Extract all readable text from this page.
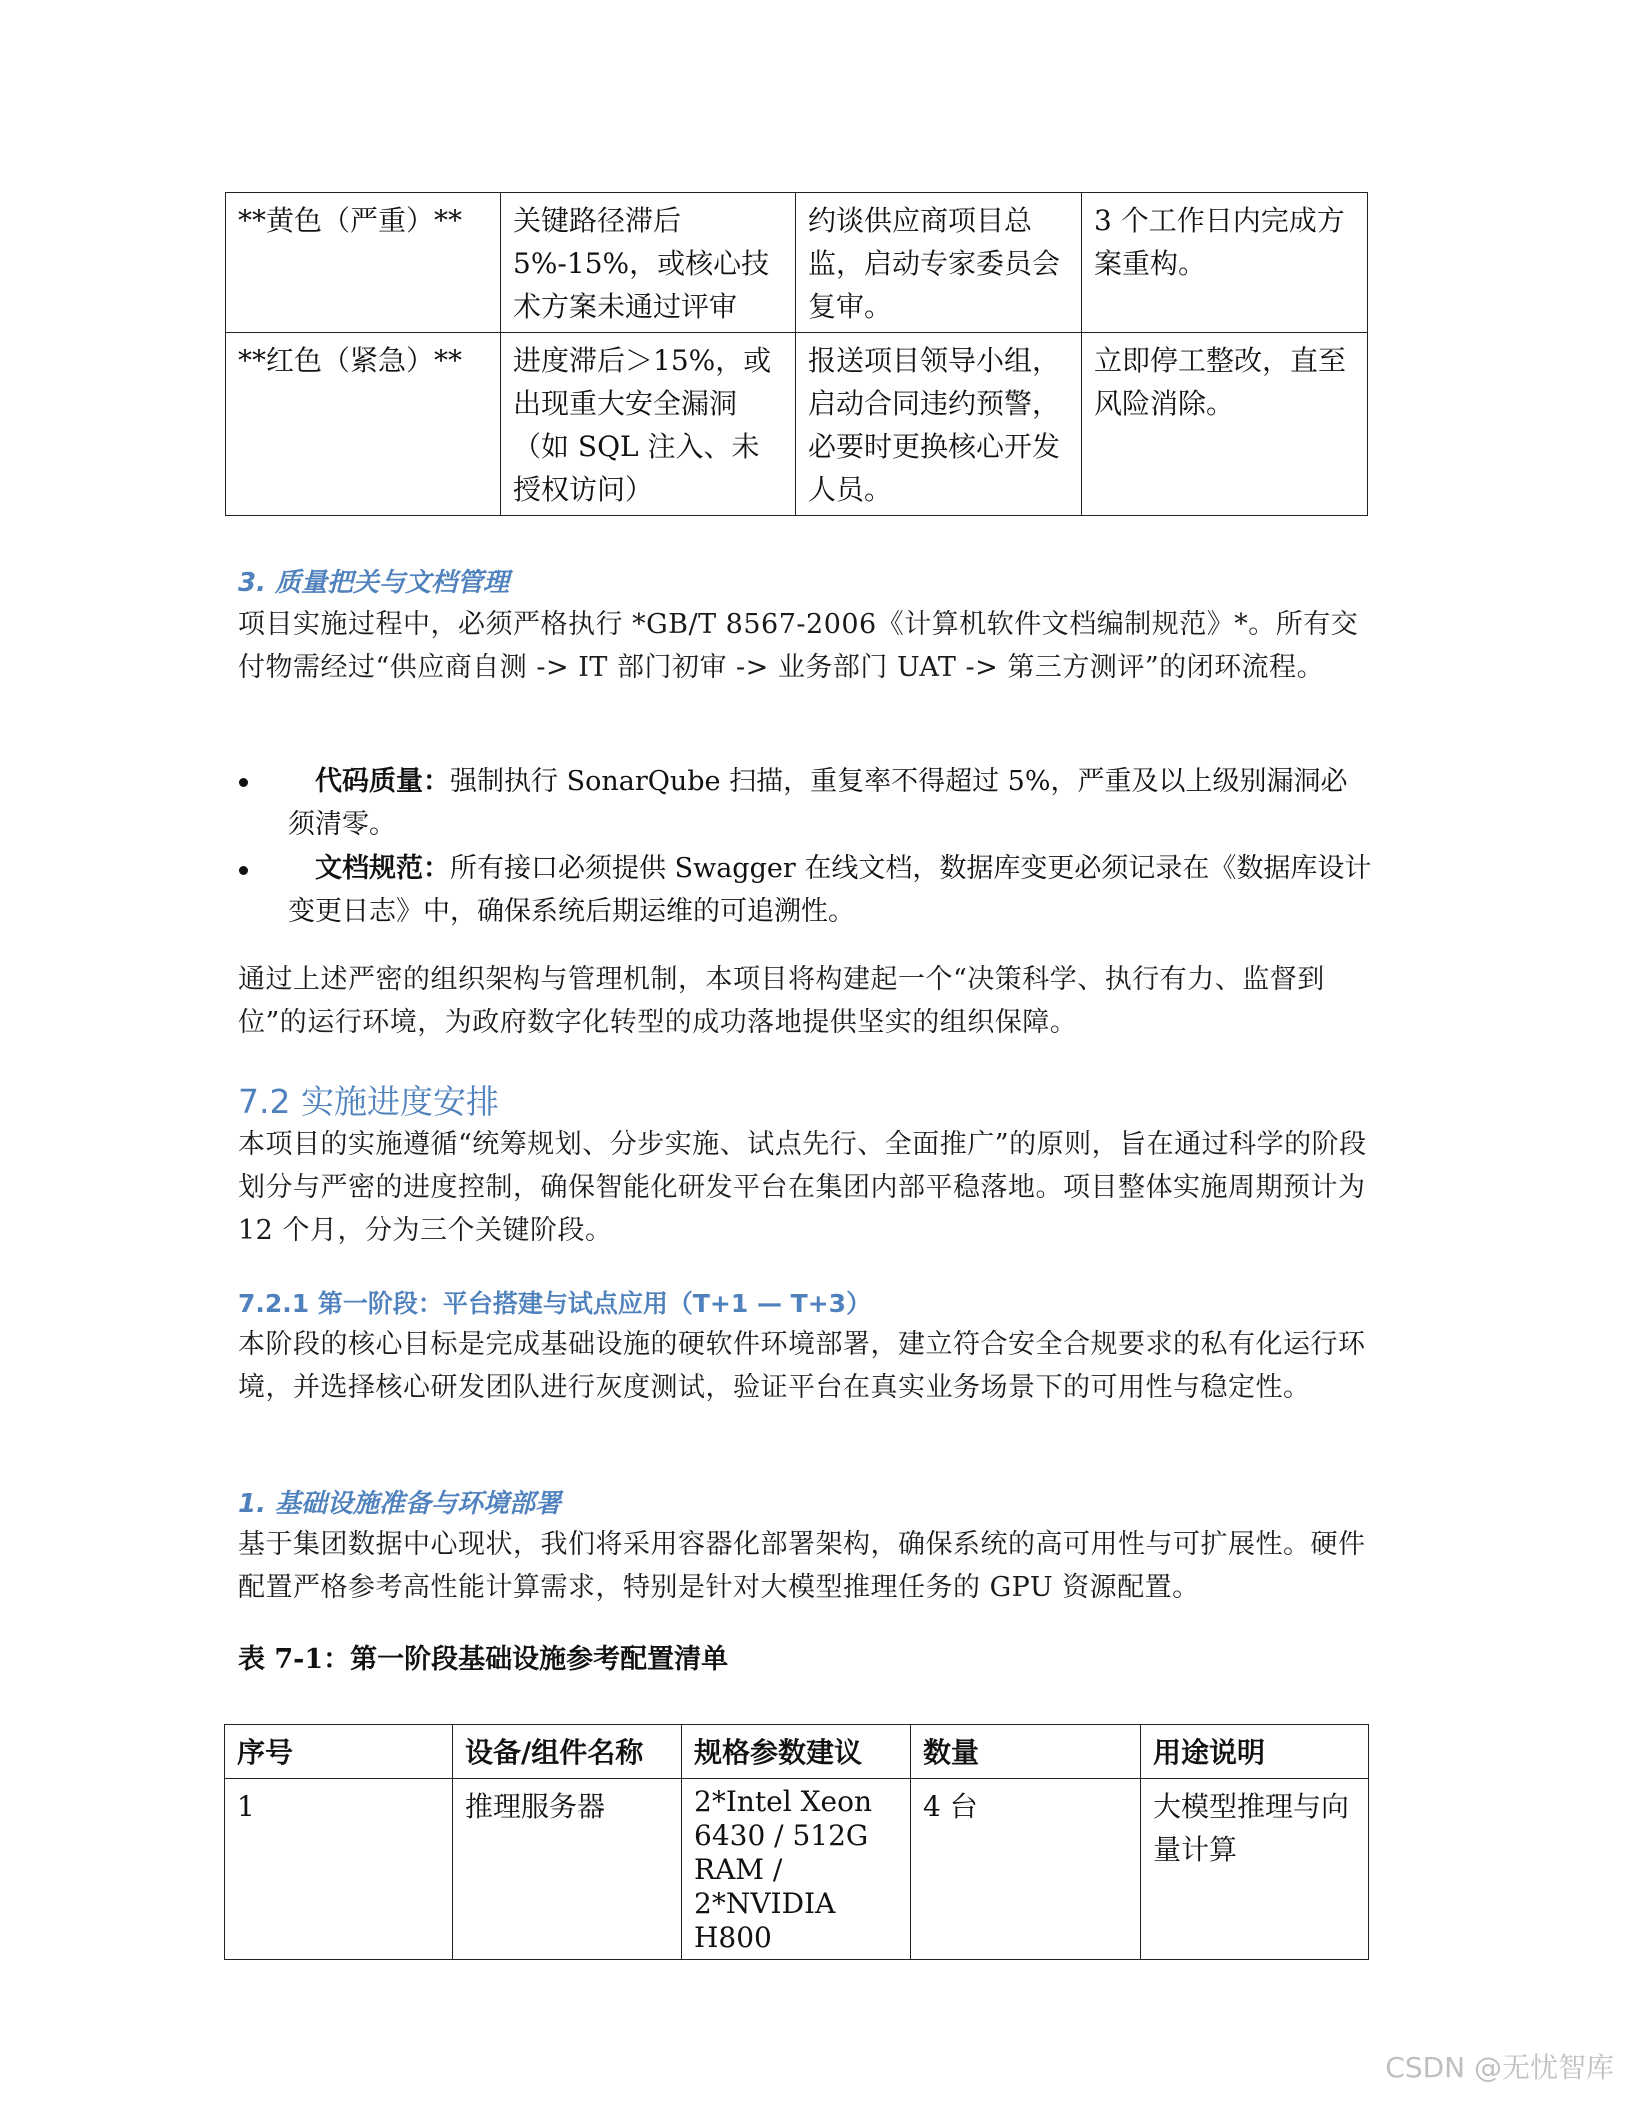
**黄色（严重）**	关键路径滞后 5%-15%，或核心技术方案未通过评审	约谈供应商项目总监，启动专家委员会复审。	3 个工作日内完成方案重构。
**红色（紧急）**	进度滞后＞15%，或出现重大安全漏洞（如 SQL 注入、未授权访问）	报送项目领导小组，启动合同违约预警，必要时更换核心开发人员。	立即停工整改，直至风险消除。
3. 质量把关与文档管理
项目实施过程中，必须严格执行 *GB/T 8567-2006《计算机软件文档编制规范》*。所有交付物需经过“供应商自测 -> IT 部门初审 -> 业务部门 UAT -> 第三方测评”的闭环流程。
代码质量：强制执行 SonarQube 扫描，重复率不得超过 5%，严重及以上级别漏洞必须清零。
文档规范：所有接口必须提供 Swagger 在线文档，数据库变更必须记录在《数据库设计变更日志》中，确保系统后期运维的可追溯性。
通过上述严密的组织架构与管理机制，本项目将构建起一个“决策科学、执行有力、监督到位”的运行环境，为政府数字化转型的成功落地提供坚实的组织保障。
7.2 实施进度安排
本项目的实施遵循“统筹规划、分步实施、试点先行、全面推广”的原则，旨在通过科学的阶段划分与严密的进度控制，确保智能化研发平台在集团内部平稳落地。项目整体实施周期预计为 12 个月，分为三个关键阶段。
7.2.1 第一阶段：平台搭建与试点应用（T+1 — T+3）
本阶段的核心目标是完成基础设施的硬软件环境部署，建立符合安全合规要求的私有化运行环境，并选择核心研发团队进行灰度测试，验证平台在真实业务场景下的可用性与稳定性。
1. 基础设施准备与环境部署
基于集团数据中心现状，我们将采用容器化部署架构，确保系统的高可用性与可扩展性。硬件配置严格参考高性能计算需求，特别是针对大模型推理任务的 GPU 资源配置。
表 7-1：第一阶段基础设施参考配置清单
序号	设备/组件名称	规格参数建议	数量	用途说明
1	推理服务器	2*Intel Xeon 6430 / 512G RAM / 2*NVIDIA H800	4 台	大模型推理与向量计算
CSDN @无忧智库
